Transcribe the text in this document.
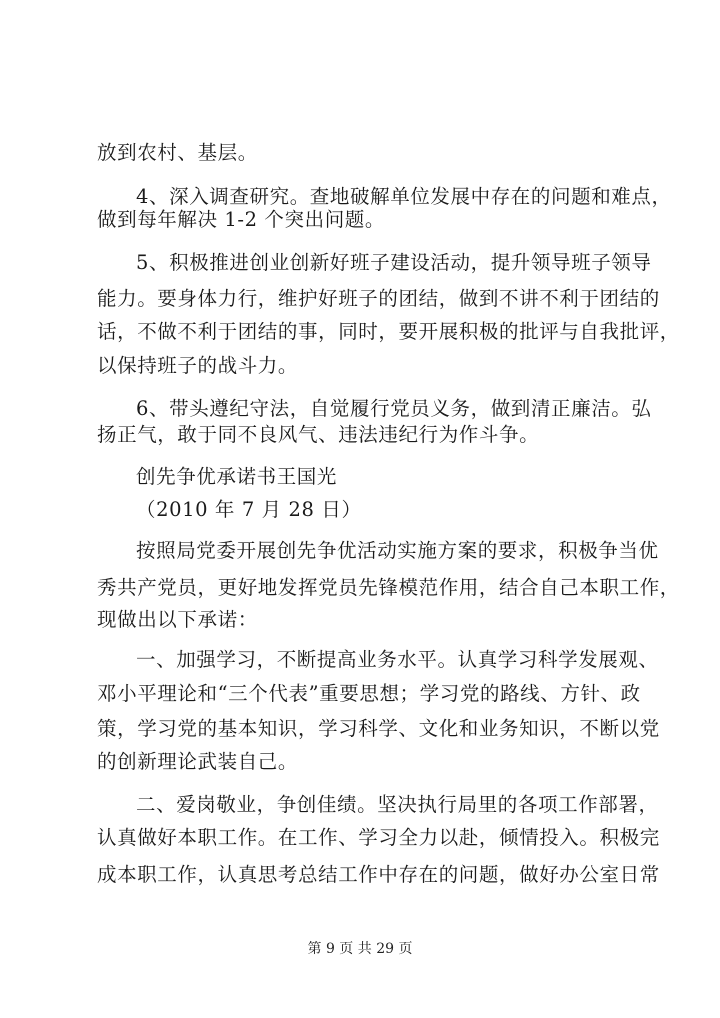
放到农村、基层。
4、深入调查研究。查地破解单位发展中存在的问题和难点，
做到每年解决 1-2 个突出问题。
5、积极推进创业创新好班子建设活动，提升领导班子领导
能力。要身体力行，维护好班子的团结，做到不讲不利于团结的
话，不做不利于团结的事，同时，要开展积极的批评与自我批评，
以保持班子的战斗力。
6、带头遵纪守法，自觉履行党员义务，做到清正廉洁。弘
扬正气，敢于同不良风气、违法违纪行为作斗争。
创先争优承诺书王国光
（2010 年 7 月 28 日）
按照局党委开展创先争优活动实施方案的要求，积极争当优
秀共产党员，更好地发挥党员先锋模范作用，结合自己本职工作，
现做出以下承诺：
一、加强学习，不断提高业务水平。认真学习科学发展观、
邓小平理论和“三个代表”重要思想；学习党的路线、方针、政
策，学习党的基本知识，学习科学、文化和业务知识，不断以党
的创新理论武装自己。
二、爱岗敬业，争创佳绩。坚决执行局里的各项工作部署，
认真做好本职工作。在工作、学习全力以赴，倾情投入。积极完
成本职工作，认真思考总结工作中存在的问题，做好办公室日常
第 9 页 共 29 页
